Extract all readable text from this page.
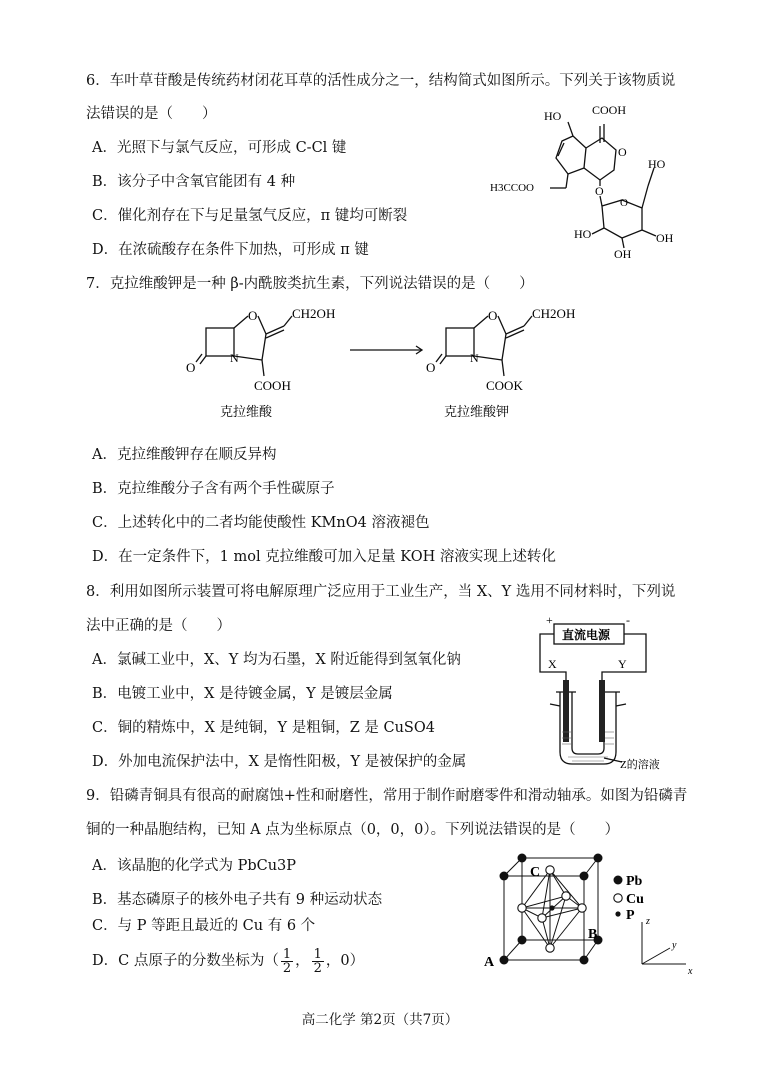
6．车叶草苷酸是传统药材闭花耳草的活性成分之一，结构简式如图所示。下列关于该物质说
法错误的是（　　）
A．光照下与氯气反应，可形成 C-Cl 键
B．该分子中含氧官能团有 4 种
C．催化剂存在下与足量氢气反应，π 键均可断裂
D．在浓硫酸存在条件下加热，可形成 π 键
COOH
HO
O
H3CCOO	O
O
HO
OH
HO
OH
7．克拉维酸钾是一种 β-内酰胺类抗生素，下列说法错误的是（　　）
O	CH2OH
N
O
COOH
克拉维酸
O	CH2OH
N
O
COOK
克拉维酸钾
A．克拉维酸钾存在顺反异构
B．克拉维酸分子含有两个手性碳原子
C．上述转化中的二者均能使酸性 KMnO4 溶液褪色
D．在一定条件下，1 mol 克拉维酸可加入足量 KOH 溶液实现上述转化
8．利用如图所示装置可将电解原理广泛应用于工业生产，当 X、Y 选用不同材料时，下列说
法中正确的是（　　）
A．氯碱工业中，X、Y 均为石墨，X 附近能得到氢氧化钠
B．电镀工业中，X 是待镀金属，Y 是镀层金属
C．铜的精炼中，X 是纯铜，Y 是粗铜，Z 是 CuSO4
D．外加电流保护法中，X 是惰性阳极，Y 是被保护的金属
直流电源
+	-
X	Y
Z的溶液
9．铅磷青铜具有很高的耐腐蚀+性和耐磨性，常用于制作耐磨零件和滑动轴承。如图为铅磷青
铜的一种晶胞结构，已知 A 点为坐标原点（0，0，0）。下列说法错误的是（　　）
A．该晶胞的化学式为 PbCu3P
B．基态磷原子的核外电子共有 9 种运动状态
C．与 P 等距且最近的 Cu 有 6 个
D．C 点原子的分数坐标为（ $\frac{1}{2}$ ， $\frac{1}{2}$ ，0）
Pb
Cu
P
A
B
C
x
y
z
高二化学 第2页（共7页）
